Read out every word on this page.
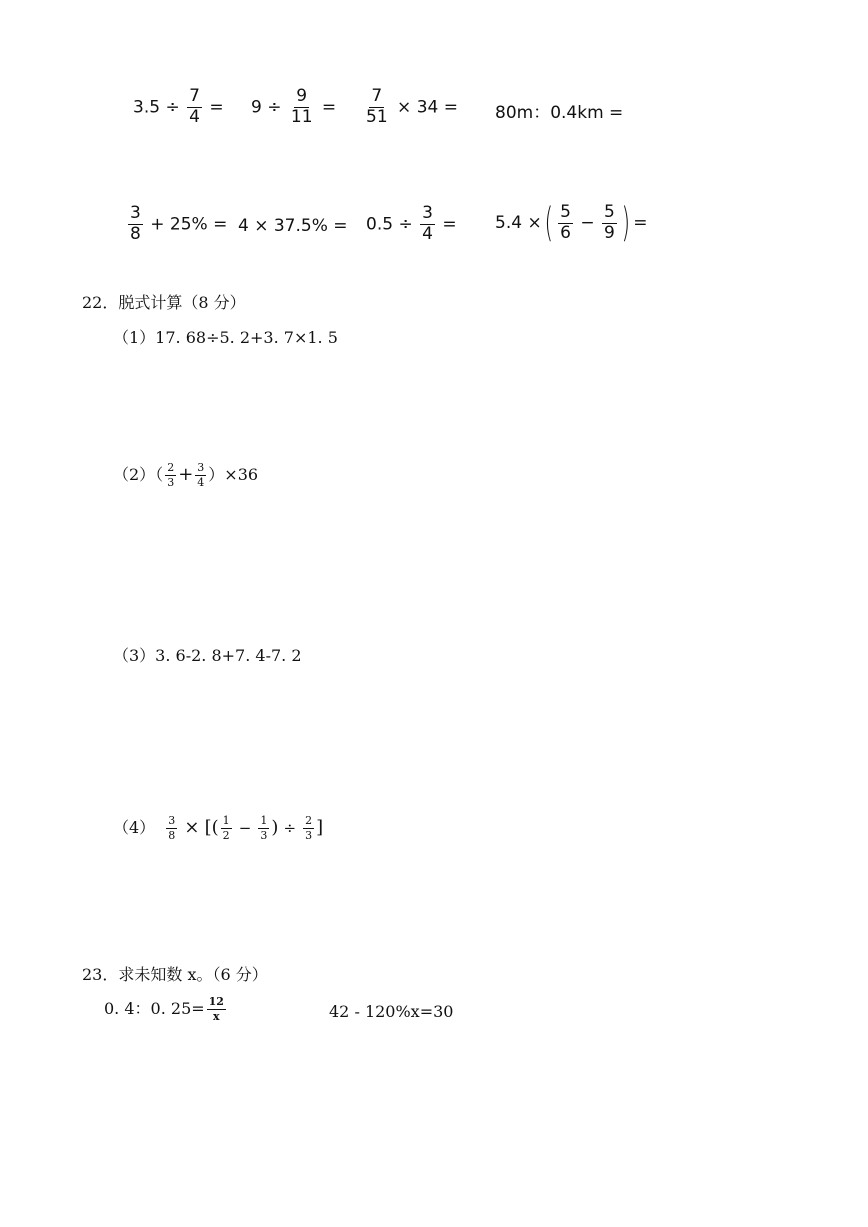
$3.5 \div \frac{7}{4} = 9 \div \frac{9}{11} = \frac{7}{51} \times 34 = 80m$：0.4km =
$\frac{3}{8} + 25\% = 4 \times 37.5\% = 0.5 \div \frac{3}{4} = 5.4$ × ( $\frac{5}{6} - \frac{5}{9}$ ) =
22．脱式计算（8 分）
（1）17. 68÷5. 2+3. 7×1. 5
$(2)( \frac{2}{3} + \frac{3}{4} )\times 36$
（3）3. 6-2. 8+7. 4-7. 2
$(4) \frac{3}{8}$ × [( $\frac{1}{2} - \frac{1}{3}$ ) ÷ $\frac{2}{3}$ ]
23．求未知数 x。（6 分）
0. 4：0. $25= \frac{12}{x}$	42 - 120%x=30
